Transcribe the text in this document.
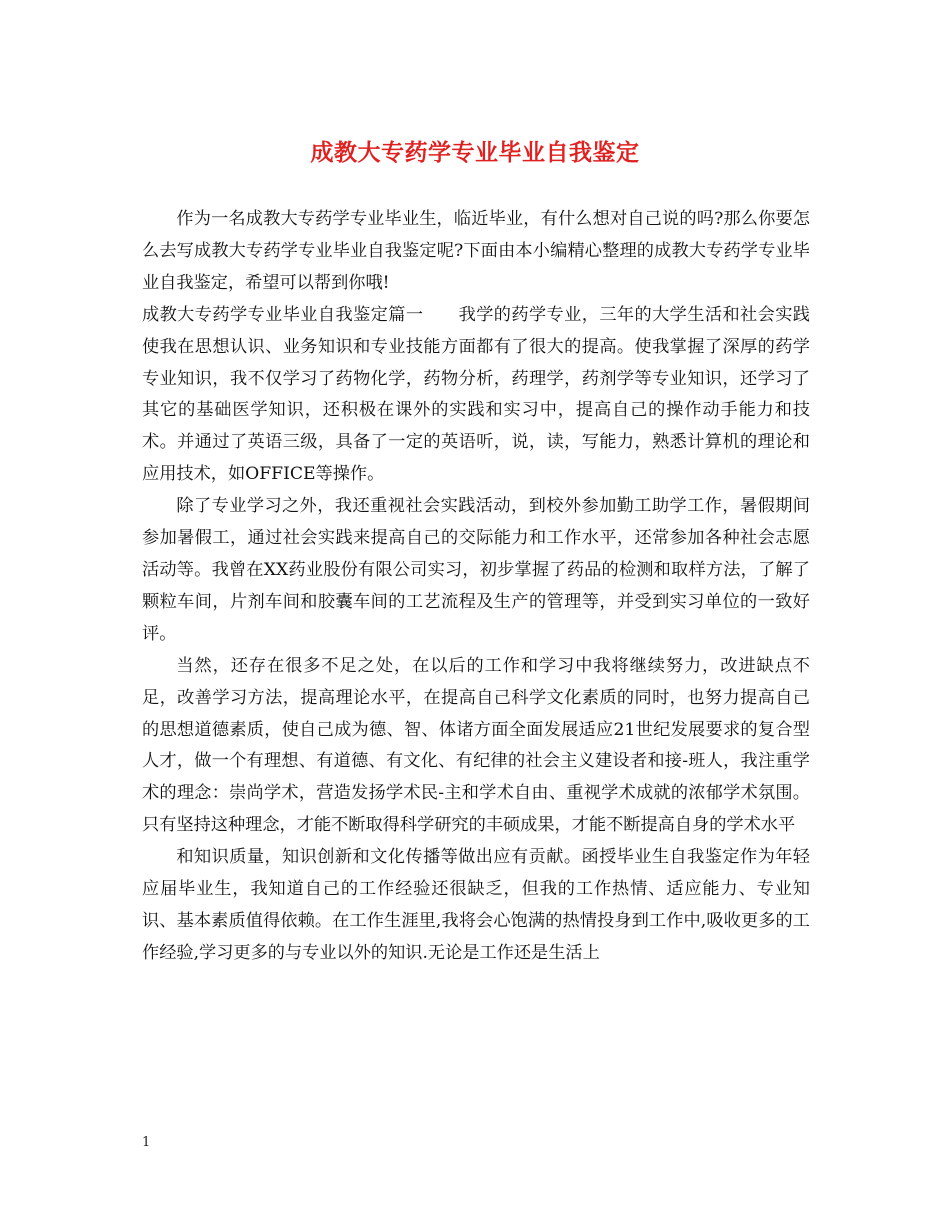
成教大专药学专业毕业自我鉴定

作为一名成教大专药学专业毕业生，临近毕业，有什么想对自己说的吗?那么你要怎么去写成教大专药学专业毕业自我鉴定呢?下面由本小编精心整理的成教大专药学专业毕业自我鉴定，希望可以帮到你哦!

成教大专药学专业毕业自我鉴定篇一　　我学的药学专业，三年的大学生活和社会实践使我在思想认识、业务知识和专业技能方面都有了很大的提高。使我掌握了深厚的药学专业知识，我不仅学习了药物化学，药物分析，药理学，药剂学等专业知识，还学习了其它的基础医学知识，还积极在课外的实践和实习中，提高自己的操作动手能力和技术。并通过了英语三级，具备了一定的英语听，说，读，写能力，熟悉计算机的理论和应用技术，如OFFICE等操作。

除了专业学习之外，我还重视社会实践活动，到校外参加勤工助学工作，暑假期间参加暑假工，通过社会实践来提高自己的交际能力和工作水平，还常参加各种社会志愿活动等。我曾在XX药业股份有限公司实习，初步掌握了药品的检测和取样方法，了解了颗粒车间，片剂车间和胶囊车间的工艺流程及生产的管理等，并受到实习单位的一致好评。

当然，还存在很多不足之处，在以后的工作和学习中我将继续努力，改进缺点不足，改善学习方法，提高理论水平，在提高自己科学文化素质的同时，也努力提高自己的思想道德素质，使自己成为德、智、体诸方面全面发展适应21世纪发展要求的复合型人才，做一个有理想、有道德、有文化、有纪律的社会主义建设者和接-班人，我注重学术的理念：崇尚学术，营造发扬学术民-主和学术自由、重视学术成就的浓郁学术氛围。只有坚持这种理念，才能不断取得科学研究的丰硕成果，才能不断提高自身的学术水平

和知识质量，知识创新和文化传播等做出应有贡献。函授毕业生自我鉴定作为年轻应届毕业生，我知道自己的工作经验还很缺乏，但我的工作热情、适应能力、专业知识、基本素质值得依赖。在工作生涯里,我将会心饱满的热情投身到工作中,吸收更多的工作经验,学习更多的与专业以外的知识.无论是工作还是生活上

1
